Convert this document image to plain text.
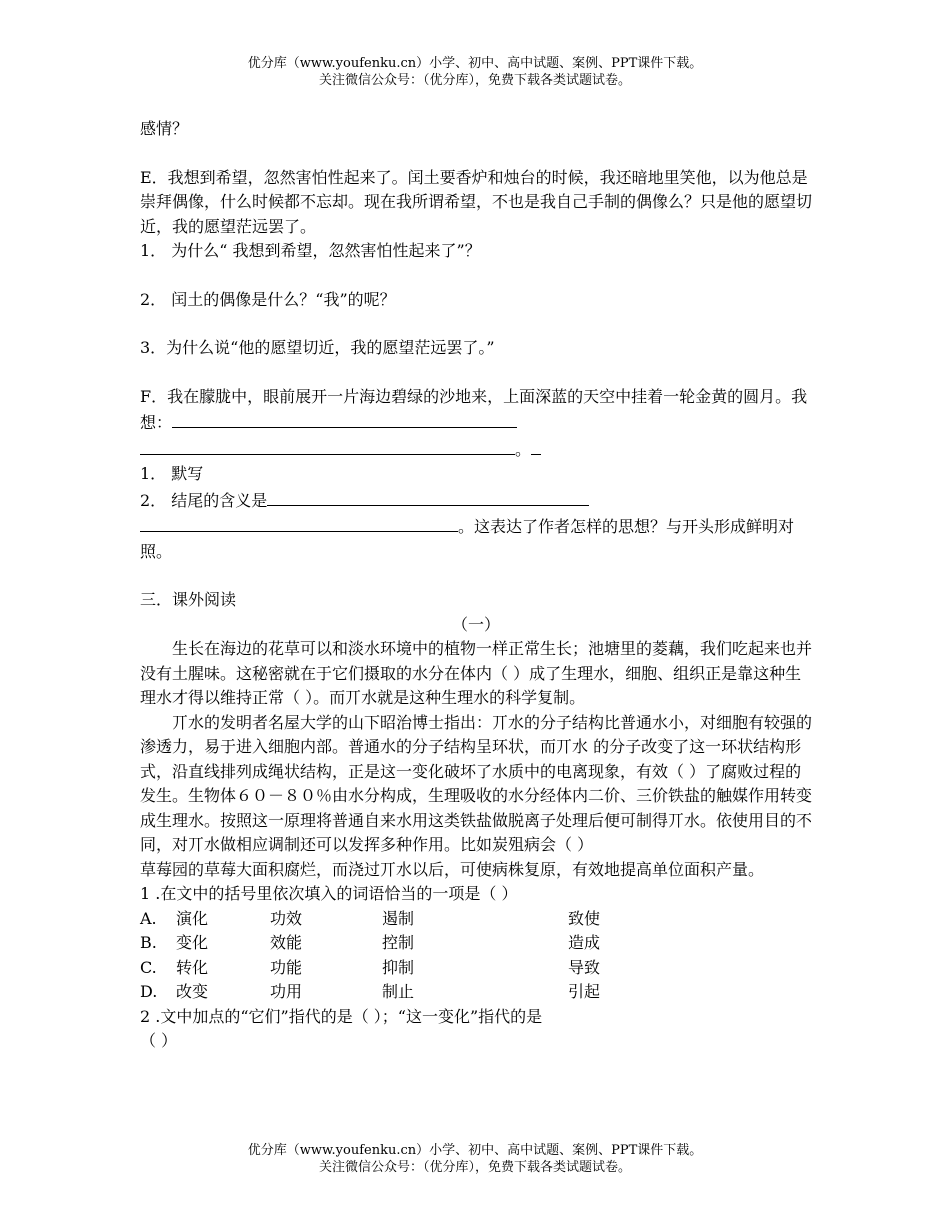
优分库（www.youfenku.cn）小学、初中、高中试题、案例、PPT课件下载。
关注微信公众号：（优分库），免费下载各类试题试卷。

感情？

E．我想到希望，忽然害怕性起来了。闰土要香炉和烛台的时候，我还暗地里笑他，以为他总是崇拜偶像，什么时候都不忘却。现在我所谓希望，不也是我自己手制的偶像么？只是他的愿望切近，我的愿望茫远罢了。

1． 为什么“ 我想到希望，忽然害怕性起来了”？

2． 闰土的偶像是什么？“我”的呢？

3．为什么说“他的愿望切近，我的愿望茫远罢了。”

F．我在朦胧中，眼前展开一片海边碧绿的沙地来，上面深蓝的天空中挂着一轮金黄的圆月。我想：

。

1． 默写

2． 结尾的含义是

。这表达了作者怎样的思想？与开头形成鲜明对照。

三．课外阅读

（一）

生长在海边的花草可以和淡水环境中的植物一样正常生长；池塘里的菱藕，我们吃起来也并没有土腥味。这秘密就在于它们摄取的水分在体内（ ）成了生理水，细胞、组织正是靠这种生理水才得以维持正常（ ）。而丌水就是这种生理水的科学复制。

丌水的发明者名屋大学的山下昭治博士指出：丌水的分子结构比普通水小，对细胞有较强的渗透力，易于进入细胞内部。普通水的分子结构呈环状，而丌水 的分子改变了这一环状结构形式，沿直线排列成绳状结构，正是这一变化破坏了水质中的电离现象，有效（ ）了腐败过程的发生。生物体６０－８０％由水分构成，生理吸收的水分经体内二价、三价铁盐的触媒作用转变成生理水。按照这一原理将普通自来水用这类铁盐做脱离子处理后便可制得丌水。依使用目的不同，对丌水做相应调制还可以发挥多种作用。比如炭殂病会（ ）

草莓园的草莓大面积腐烂，而浇过丌水以后，可使病株复原，有效地提高单位面积产量。

1 .在文中的括号里依次填入的词语恰当的一项是（ ）

A.	演化	功效	遏制	致使
B.	变化	效能	控制	造成
C.	转化	功能	抑制	导致
D.	改变	功用	制止	引起

2 .文中加点的“它们”指代的是（ ）；“这一变化”指代的是

（ ）

优分库（www.youfenku.cn）小学、初中、高中试题、案例、PPT课件下载。
关注微信公众号：（优分库），免费下载各类试题试卷。
